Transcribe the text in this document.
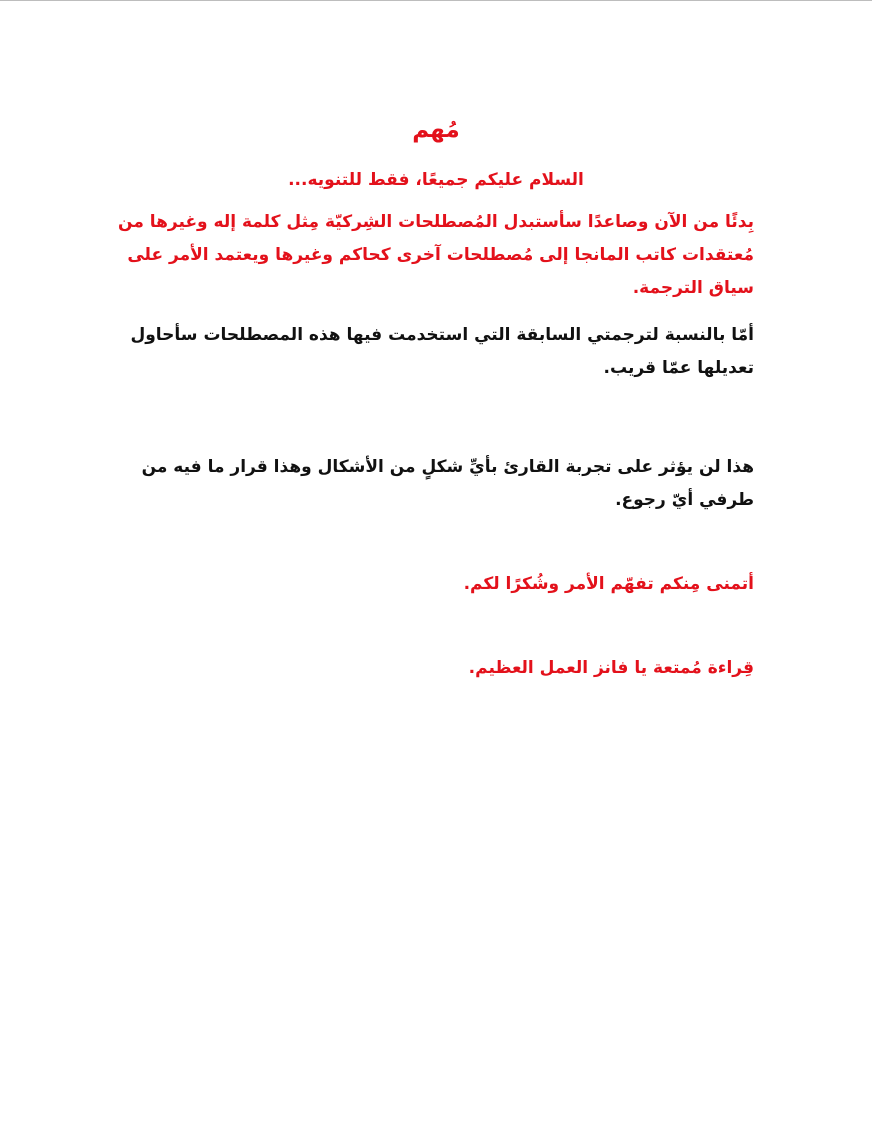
مُهم

السلام عليكم جميعًا، فقط للتنويه...

بِدئًا من الآن وصاعدًا سأستبدل المُصطلحات الشِركيّة مِثل كلمة إله وغيرها من مُعتقدات كاتب المانجا إلى مُصطلحات آخرى كحاكم وغيرها ويعتمد الأمر على سياق الترجمة.

أمّا بالنسبة لترجمتي السابقة التي استخدمت فيها هذه المصطلحات سأحاول تعديلها عمّا قريب.

هذا لن يؤثر على تجربة القارئ بأيِّ شكلٍ من الأشكال وهذا قرار ما فيه من طرفي أيّ رجوع.

أتمنى مِنكم تفهّم الأمر وشُكرًا لكم.

قِراءة مُمتعة يا فانز العمل العظيم.
